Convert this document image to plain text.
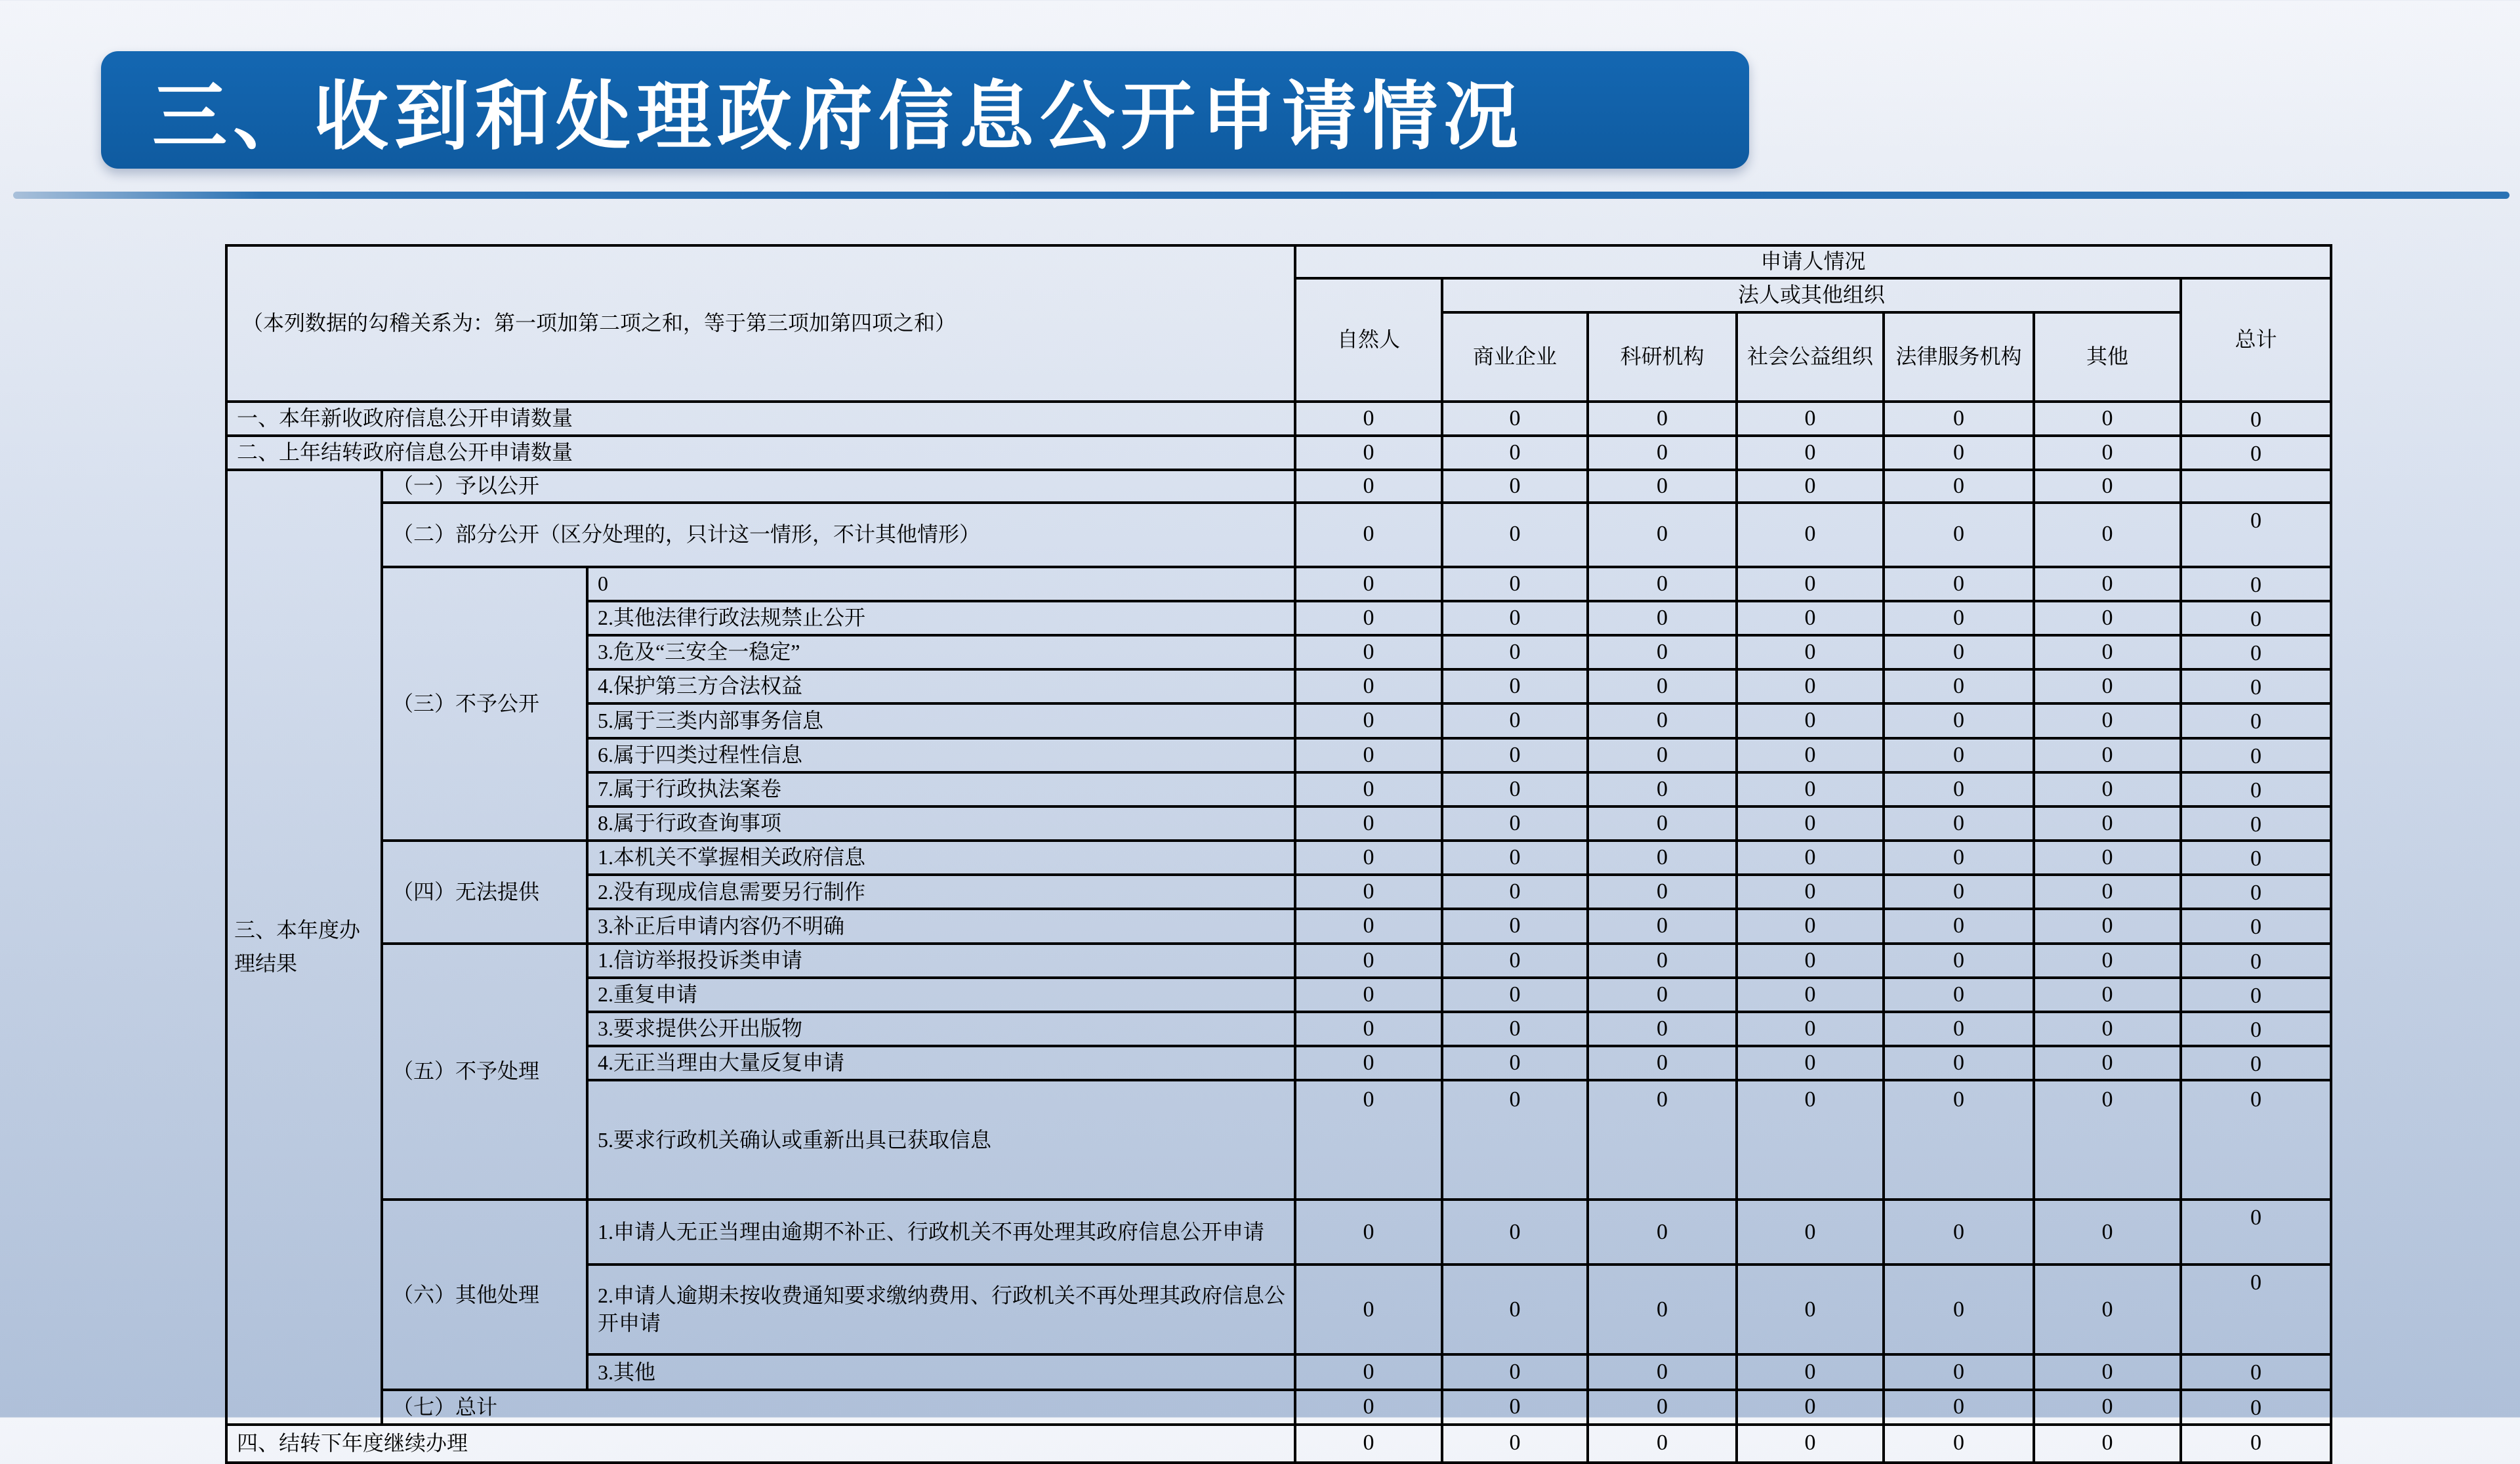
三、收到和处理政府信息公开申请情况
（本列数据的勾稽关系为：第一项加第二项之和，等于第三项加第四项之和）			申请人情况						
			自然人	法人或其他组织					总计
				商业企业	科研机构	社会公益组织	法律服务机构	其他	
一、本年新收政府信息公开申请数量			0	0	0	0	0	0	0
二、上年结转政府信息公开申请数量			0	0	0	0	0	0	0
三、本年度办理结果	（一）予以公开		0	0	0	0	0	0	
	（二）部分公开（区分处理的，只计这一情形，不计其他情形）		0	0	0	0	0	0	0
	（三）不予公开	0	0	0	0	0	0	0	0
		2.其他法律行政法规禁止公开	0	0	0	0	0	0	0
		3.危及“三安全一稳定”	0	0	0	0	0	0	0
		4.保护第三方合法权益	0	0	0	0	0	0	0
		5.属于三类内部事务信息	0	0	0	0	0	0	0
		6.属于四类过程性信息	0	0	0	0	0	0	0
		7.属于行政执法案卷	0	0	0	0	0	0	0
		8.属于行政查询事项	0	0	0	0	0	0	0
	（四）无法提供	1.本机关不掌握相关政府信息	0	0	0	0	0	0	0
		2.没有现成信息需要另行制作	0	0	0	0	0	0	0
		3.补正后申请内容仍不明确	0	0	0	0	0	0	0
	（五）不予处理	1.信访举报投诉类申请	0	0	0	0	0	0	0
		2.重复申请	0	0	0	0	0	0	0
		3.要求提供公开出版物	0	0	0	0	0	0	0
		4.无正当理由大量反复申请	0	0	0	0	0	0	0
		5.要求行政机关确认或重新出具已获取信息	0	0	0	0	0	0	0
	（六）其他处理	1.申请人无正当理由逾期不补正、行政机关不再处理其政府信息公开申请	0	0	0	0	0	0	0
		2.申请人逾期未按收费通知要求缴纳费用、行政机关不再处理其政府信息公开申请	0	0	0	0	0	0	0
		3.其他	0	0	0	0	0	0	0
	（七）总计		0	0	0	0	0	0	0
四、结转下年度继续办理			0	0	0	0	0	0	0
